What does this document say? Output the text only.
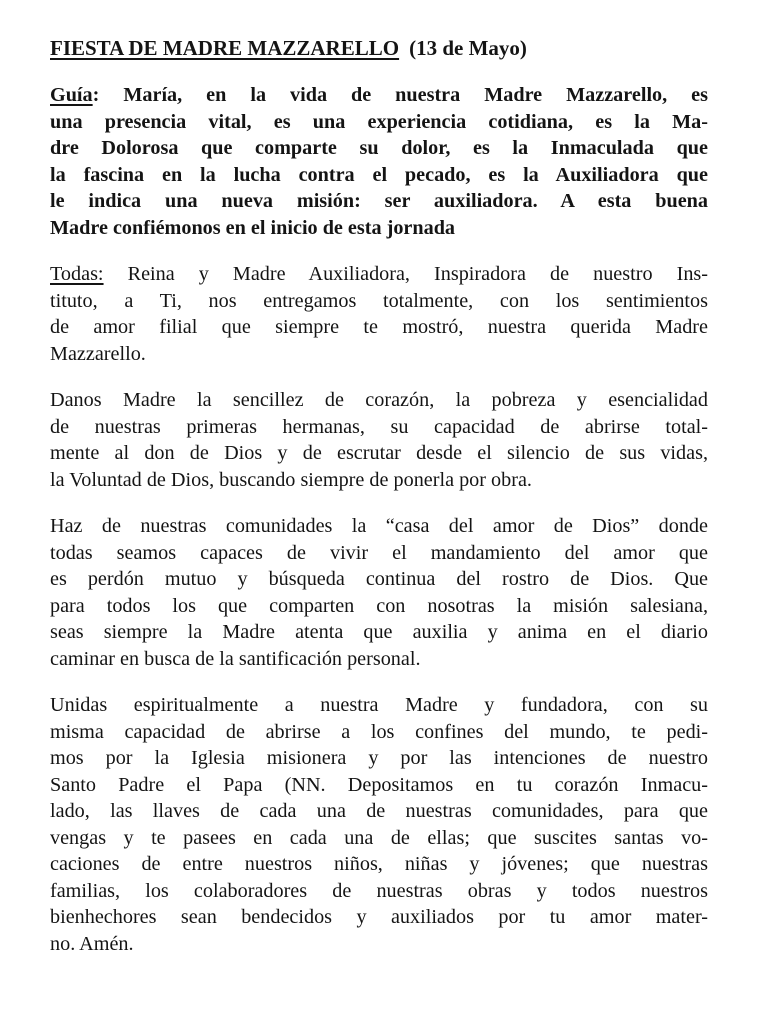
FIESTA DE MADRE MAZZARELLO (13 de Mayo)
Guía: María, en la vida de nuestra Madre Mazzarello, es
una presencia vital, es una experiencia cotidiana, es la Ma-
dre Dolorosa que comparte su dolor, es la Inmaculada que
la fascina en la lucha contra el pecado, es la Auxiliadora que
le indica una nueva misión: ser auxiliadora. A esta buena
Madre confiémonos en el inicio de esta jornada
Todas: Reina y Madre Auxiliadora, Inspiradora de nuestro Ins-
tituto, a Ti, nos entregamos totalmente, con los sentimientos
de amor filial que siempre te mostró, nuestra querida Madre
Mazzarello.
Danos Madre la sencillez de corazón, la pobreza y esencialidad
de nuestras primeras hermanas, su capacidad de abrirse total-
mente al don de Dios y de escrutar desde el silencio de sus vidas,
la Voluntad de Dios, buscando siempre de ponerla por obra.
Haz de nuestras comunidades la “casa del amor de Dios” donde
todas seamos capaces de vivir el mandamiento del amor que
es perdón mutuo y búsqueda continua del rostro de Dios. Que
para todos los que comparten con nosotras la misión salesiana,
seas siempre la Madre atenta que auxilia y anima en el diario
caminar en busca de la santificación personal.
Unidas espiritualmente a nuestra Madre y fundadora, con su
misma capacidad de abrirse a los confines del mundo, te pedi-
mos por la Iglesia misionera y por las intenciones de nuestro
Santo Padre el Papa (NN. Depositamos en tu corazón Inmacu-
lado, las llaves de cada una de nuestras comunidades, para que
vengas y te pasees en cada una de ellas; que suscites santas vo-
caciones de entre nuestros niños, niñas y jóvenes; que nuestras
familias, los colaboradores de nuestras obras y todos nuestros
bienhechores sean bendecidos y auxiliados por tu amor mater-
no. Amén.
